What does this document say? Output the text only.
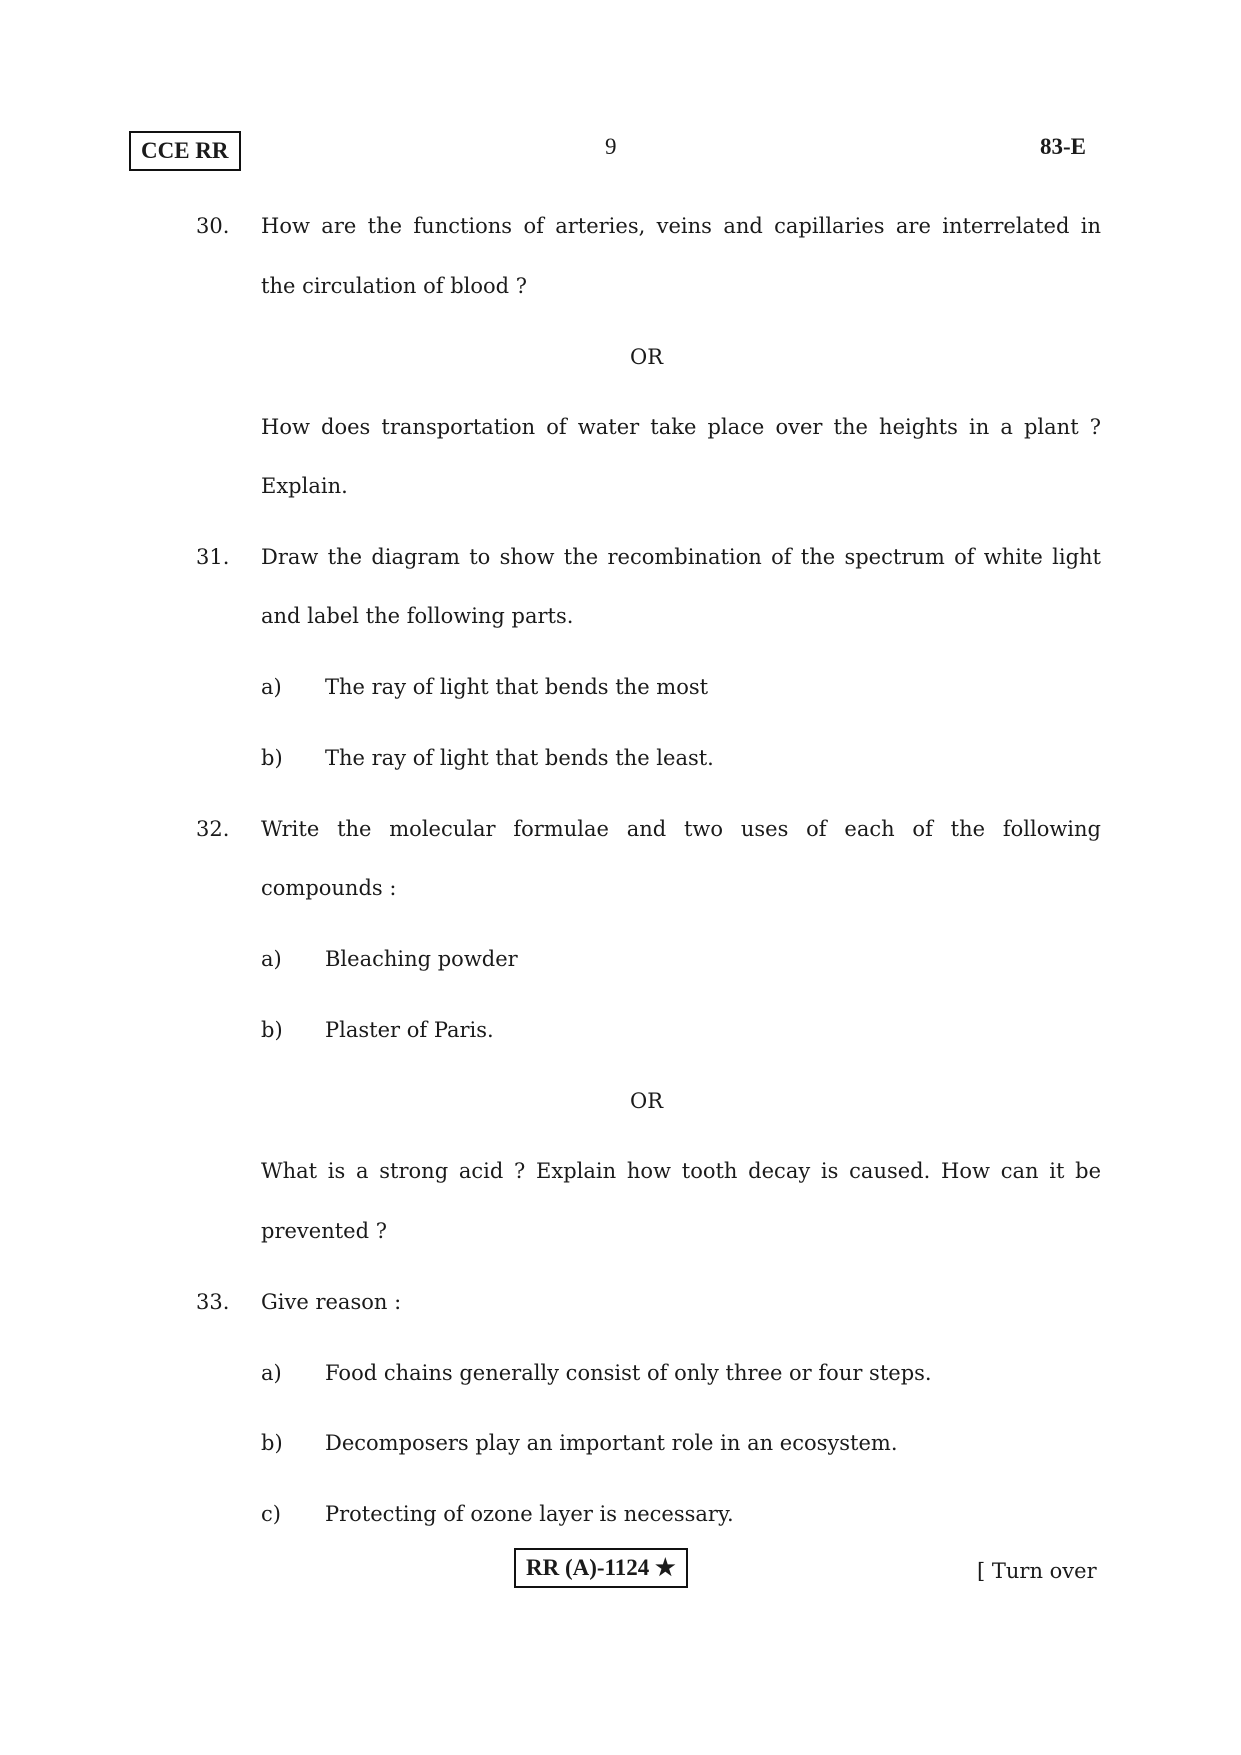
CCE RR	9	83-E
30. How are the functions of arteries, veins and capillaries are interrelated in
the circulation of blood ?
OR
How does transportation of water take place over the heights in a plant ?
Explain.
31. Draw the diagram to show the recombination of the spectrum of white light
and label the following parts.
a) The ray of light that bends the most
b) The ray of light that bends the least.
32. Write the molecular formulae and two uses of each of the following
compounds :
a) Bleaching powder
b) Plaster of Paris.
OR
What is a strong acid ? Explain how tooth decay is caused. How can it be
prevented ?
33. Give reason :
a) Food chains generally consist of only three or four steps.
b) Decomposers play an important role in an ecosystem.
c) Protecting of ozone layer is necessary.
RR (A)-1124 ★	[ Turn over
